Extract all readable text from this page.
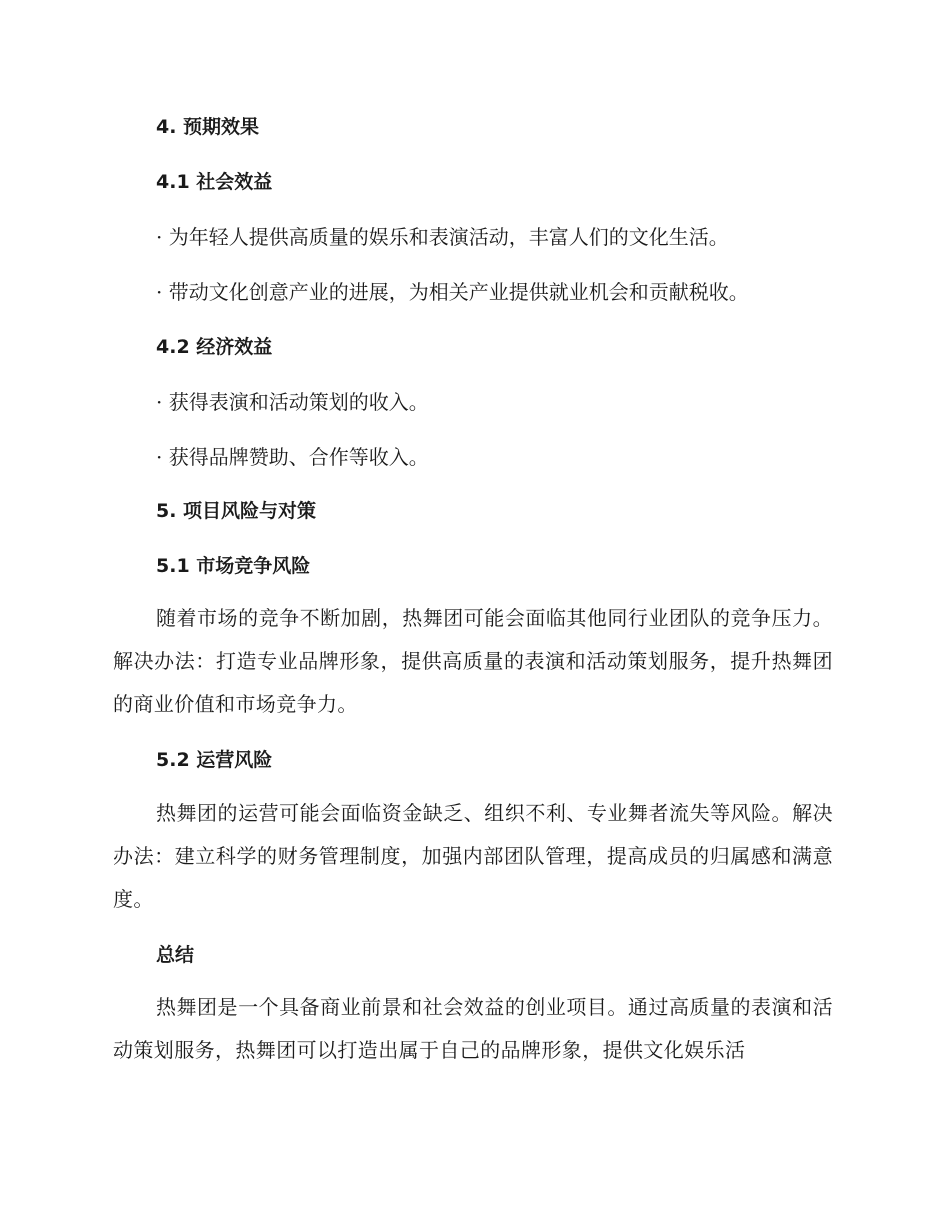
4. 预期效果
4.1 社会效益

· 为年轻人提供高质量的娱乐和表演活动，丰富人们的文化生活。

· 带动文化创意产业的进展，为相关产业提供就业机会和贡献税收。

4.2 经济效益

· 获得表演和活动策划的收入。

· 获得品牌赞助、合作等收入。

5. 项目风险与对策
5.1 市场竞争风险

随着市场的竞争不断加剧，热舞团可能会面临其他同行业团队的竞争压力。解决办法：打造专业品牌形象，提供高质量的表演和活动策划服务，提升热舞团的商业价值和市场竞争力。

5.2 运营风险

热舞团的运营可能会面临资金缺乏、组织不利、专业舞者流失等风险。解决办法：建立科学的财务管理制度，加强内部团队管理，提高成员的归属感和满意度。

总结

热舞团是一个具备商业前景和社会效益的创业项目。通过高质量的表演和活动策划服务，热舞团可以打造出属于自己的品牌形象，提供文化娱乐活
